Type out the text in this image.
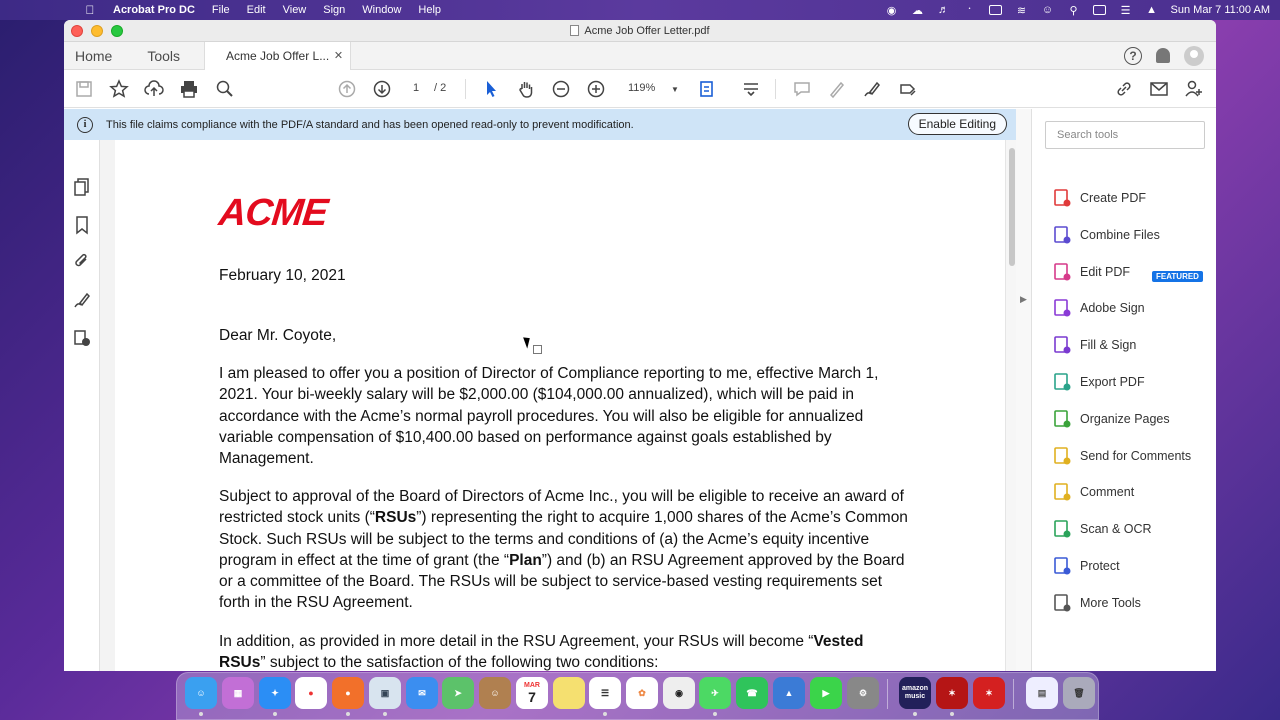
Acrobat Pro DC File Edit View Sign Window Help	◉ ☁ ♬	᛫	≋ ☺ ⚲	☰ ▲ Sun Mar 7 11:00 AM
Acme Job Offer Letter.pdf
Home	Tools	Acme Job Offer L... ✕	?
1 / 2	119%	▼
i	This file claims compliance with the PDF/A standard and has been opened read-only to prevent modification.	Enable Editing
ACME
February 10, 2021
Dear Mr. Coyote,
I am pleased to offer you a position of Director of Compliance reporting to me, effective March 1, 2021. Your bi-weekly salary will be $2,000.00 ($104,000.00 annualized), which will be paid in accordance with the Acme’s normal payroll procedures. You will also be eligible for annualized variable compensation of $10,400.00 based on performance against goals established by Management.
Subject to approval of the Board of Directors of Acme Inc., you will be eligible to receive an award of restricted stock units (“RSUs”) representing the right to acquire 1,000 shares of the Acme’s Common Stock. Such RSUs will be subject to the terms and conditions of (a) the Acme’s equity incentive program in effect at the time of grant (the “Plan”) and (b) an RSU Agreement approved by the Board or a committee of the Board. The RSUs will be subject to service-based vesting requirements set forth in the RSU Agreement.
In addition, as provided in more detail in the RSU Agreement, your RSUs will become “Vested RSUs” subject to the satisfaction of the following two conditions:
▶
Search tools
FEATURED
Create PDF
Combine Files
Edit PDF
Adobe Sign
Fill & Sign
Export PDF
Organize Pages
Send for Comments
Comment
Scan & OCR
Protect
More Tools
☺	▦	✦	●	●	▣	✉	➤	☺
MAR
7	☰	✿	◉	✈	☎	▲	▶	⚙	amazon music	✶	✶	▤	🗑
